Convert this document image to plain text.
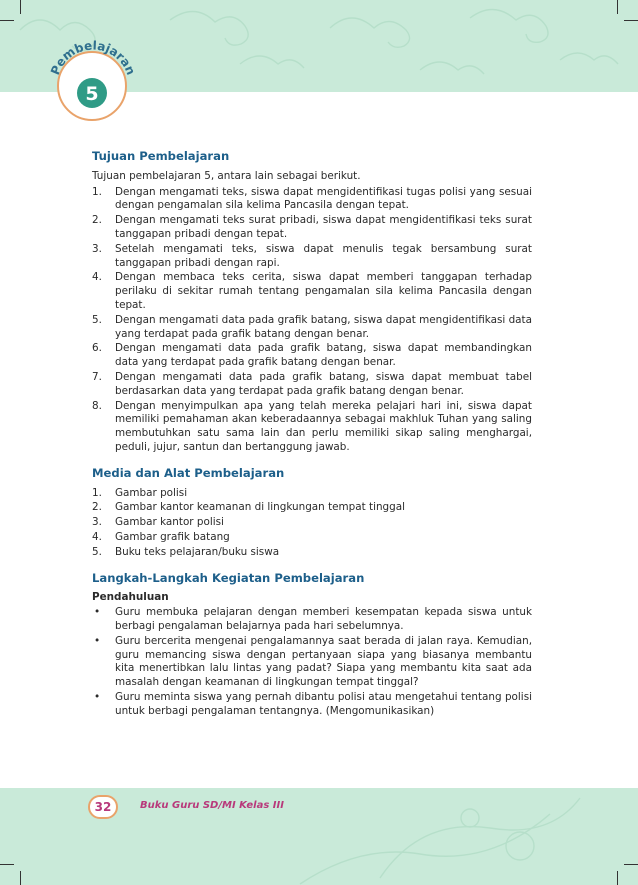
Pembelajaran
5
Tujuan Pembelajaran

Tujuan pembelajaran 5, antara lain sebagai berikut.

1.	Dengan mengamati teks, siswa dapat mengidentifikasi tugas polisi yang sesuai dengan pengamalan sila kelima Pancasila dengan tepat.
2.	Dengan mengamati teks surat pribadi, siswa dapat mengidentifikasi teks surat tanggapan pribadi dengan tepat.
3.	Setelah mengamati teks, siswa dapat menulis tegak bersambung surat tanggapan pribadi dengan rapi.
4.	Dengan membaca teks cerita, siswa dapat memberi tanggapan terhadap perilaku di sekitar rumah tentang pengamalan sila kelima Pancasila dengan tepat.
5.	Dengan mengamati data pada grafik batang, siswa dapat mengidentifikasi data yang terdapat pada grafik batang dengan benar.
6.	Dengan mengamati data pada grafik batang, siswa dapat membandingkan data yang terdapat pada grafik batang dengan benar.
7.	Dengan mengamati data pada grafik batang, siswa dapat membuat tabel berdasarkan data yang terdapat pada grafik batang dengan benar.
8.	Dengan menyimpulkan apa yang telah mereka pelajari hari ini, siswa dapat memiliki pemahaman akan keberadaannya sebagai makhluk Tuhan yang saling membutuhkan satu sama lain dan perlu memiliki sikap saling menghargai, peduli, jujur, santun dan bertanggung jawab.
Media dan Alat Pembelajaran
1.	Gambar polisi
2.	Gambar kantor keamanan di lingkungan tempat tinggal
3.	Gambar kantor polisi
4.	Gambar grafik batang
5.	Buku teks pelajaran/buku siswa
Langkah-Langkah Kegiatan Pembelajaran

Pendahuluan

•	Guru membuka pelajaran dengan memberi kesempatan kepada siswa untuk berbagi pengalaman belajarnya pada hari sebelumnya.
•	Guru bercerita mengenai pengalamannya saat berada di jalan raya. Kemudian, guru memancing siswa dengan pertanyaan siapa yang biasanya membantu kita menertibkan lalu lintas yang padat? Siapa yang membantu kita saat ada masalah dengan keamanan di lingkungan tempat tinggal?
•	Guru meminta siswa yang pernah dibantu polisi atau mengetahui tentang polisi untuk berbagi pengalaman tentangnya. (Mengomunikasikan)
32	Buku Guru SD/MI Kelas III
